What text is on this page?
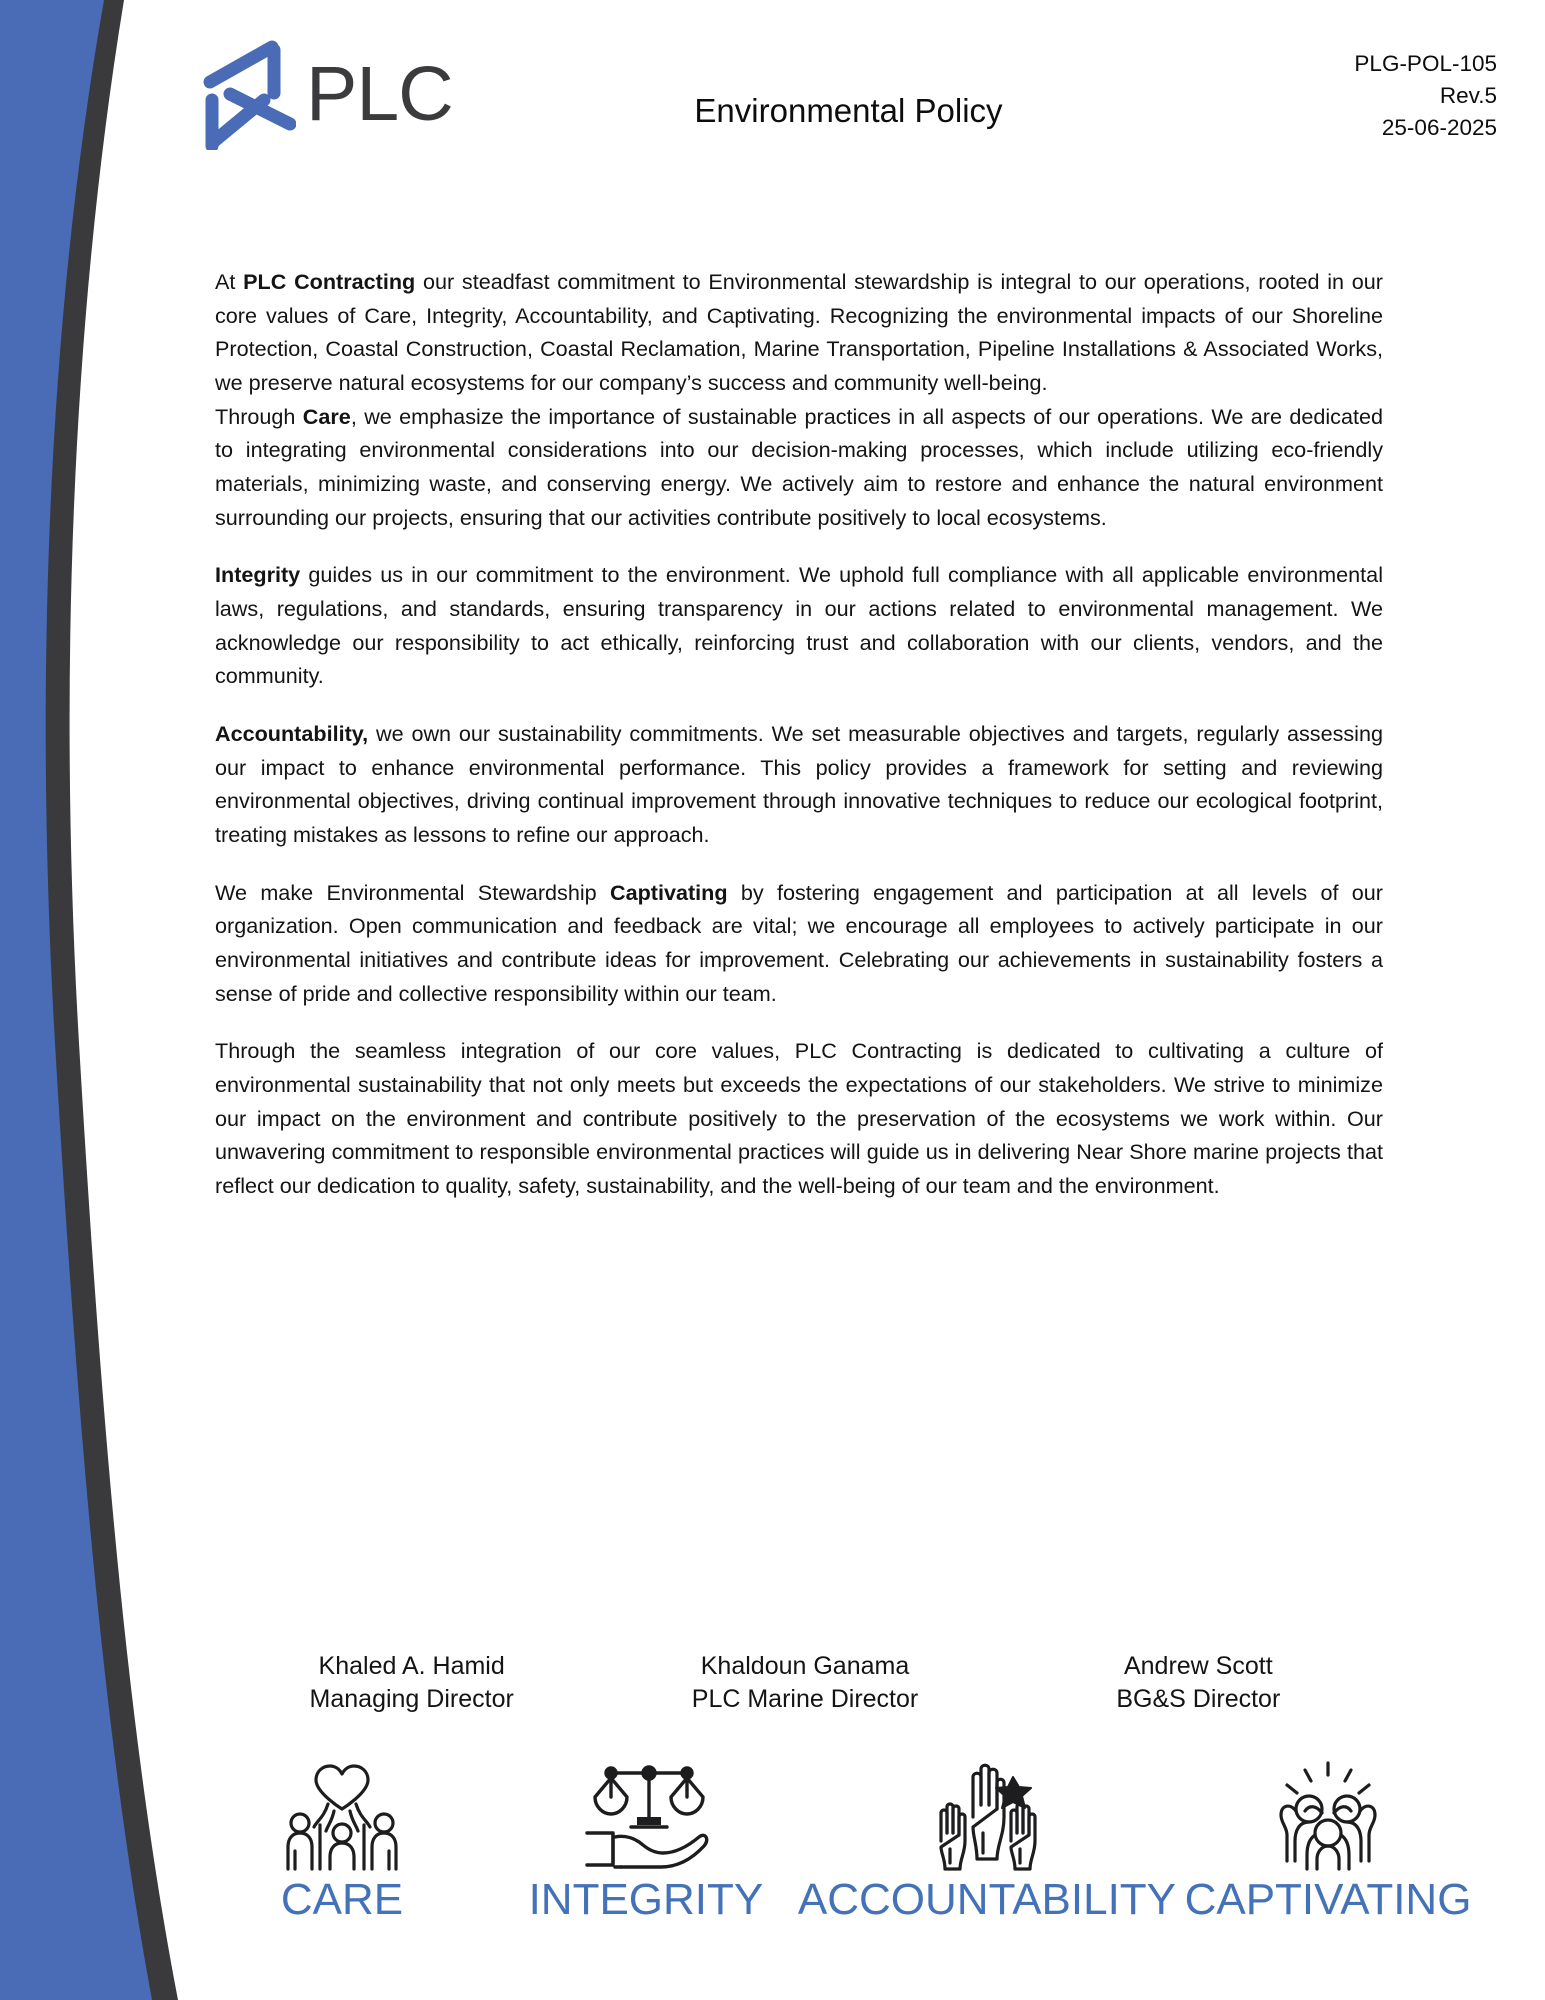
PLC	Environmental Policy
PLG-POL-105
Rev.5
25-06-2025

At PLC Contracting our steadfast commitment to Environmental stewardship is integral to our operations, rooted in our core values of Care, Integrity, Accountability, and Captivating. Recognizing the environmental impacts of our Shoreline Protection, Coastal Construction, Coastal Reclamation, Marine Transportation, Pipeline Installations & Associated Works, we preserve natural ecosystems for our company’s success and community well-being.

Through Care, we emphasize the importance of sustainable practices in all aspects of our operations. We are dedicated to integrating environmental considerations into our decision-making processes, which include utilizing eco-friendly materials, minimizing waste, and conserving energy. We actively aim to restore and enhance the natural environment surrounding our projects, ensuring that our activities contribute positively to local ecosystems.

Integrity guides us in our commitment to the environment. We uphold full compliance with all applicable environmental laws, regulations, and standards, ensuring transparency in our actions related to environmental management. We acknowledge our responsibility to act ethically, reinforcing trust and collaboration with our clients, vendors, and the community.

Accountability, we own our sustainability commitments. We set measurable objectives and targets, regularly assessing our impact to enhance environmental performance. This policy provides a framework for setting and reviewing environmental objectives, driving continual improvement through innovative techniques to reduce our ecological footprint, treating mistakes as lessons to refine our approach.

We make Environmental Stewardship Captivating by fostering engagement and participation at all levels of our organization. Open communication and feedback are vital; we encourage all employees to actively participate in our environmental initiatives and contribute ideas for improvement. Celebrating our achievements in sustainability fosters a sense of pride and collective responsibility within our team.

Through the seamless integration of our core values, PLC Contracting is dedicated to cultivating a culture of environmental sustainability that not only meets but exceeds the expectations of our stakeholders. We strive to minimize our impact on the environment and contribute positively to the preservation of the ecosystems we work within. Our unwavering commitment to responsible environmental practices will guide us in delivering Near Shore marine projects that reflect our dedication to quality, safety, sustainability, and the well-being of our team and the environment.

Khaled A. Hamid
Managing Director
Khaldoun Ganama
PLC Marine Director
Andrew Scott
BG&S Director
CARE	INTEGRITY ACCOUNTABILITY CAPTIVATING
